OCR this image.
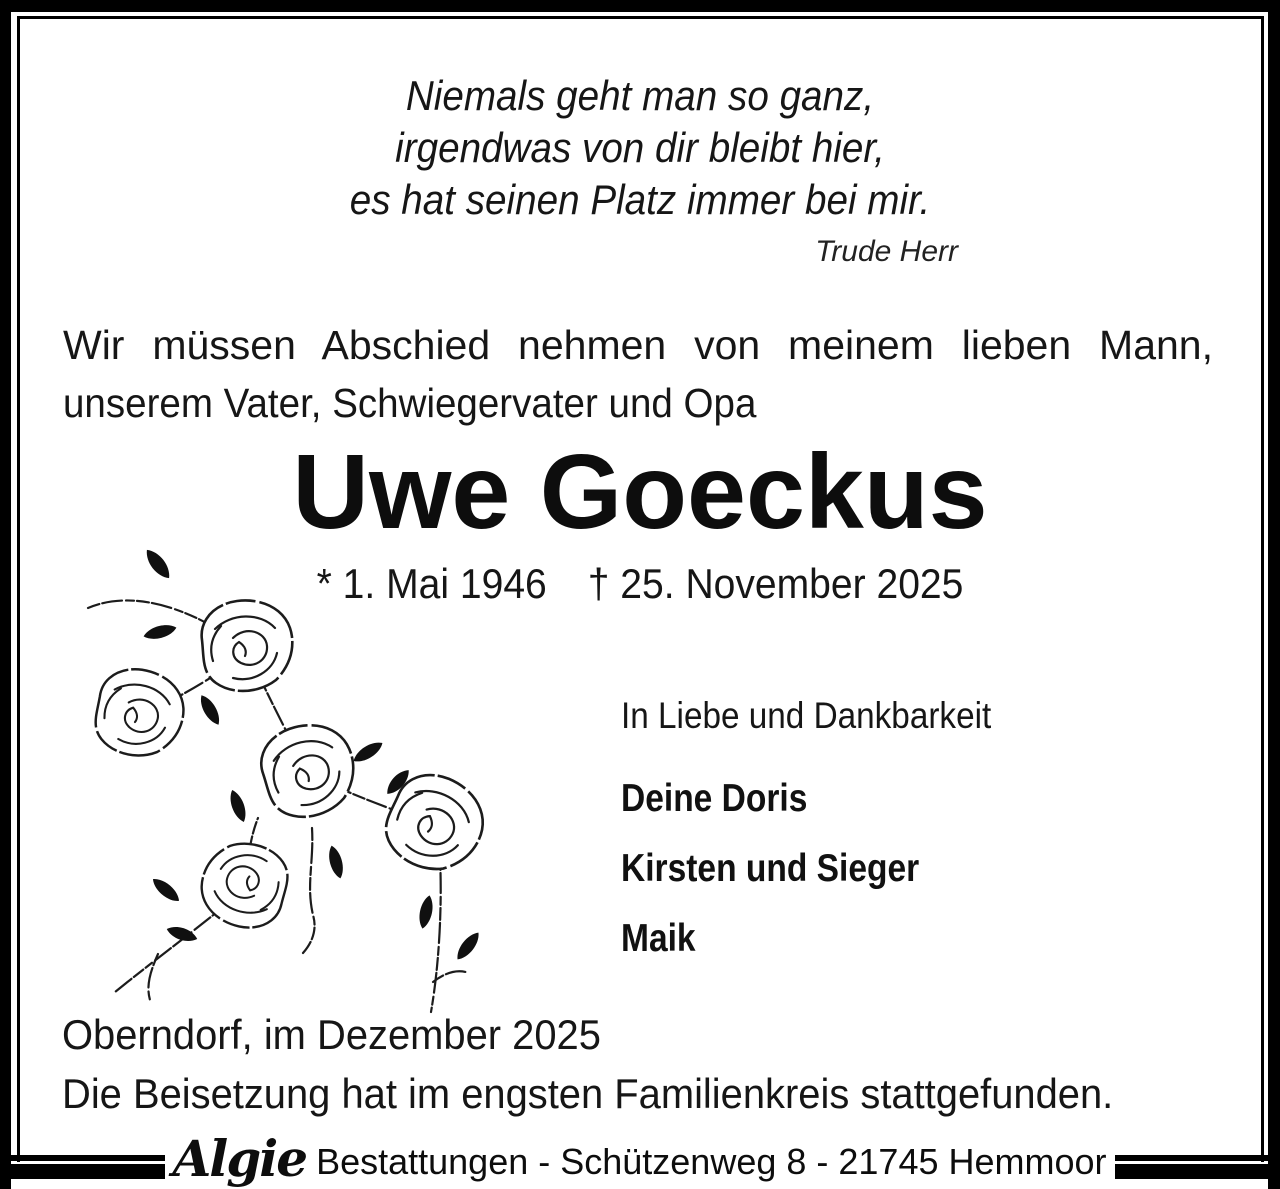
Niemals geht man so ganz,
irgendwas von dir bleibt hier,
es hat seinen Platz immer bei mir.
Trude Herr
Wir müssen Abschied nehmen von meinem lieben Mann,
unserem Vater, Schwiegervater und Opa
Uwe Goeckus
* 1. Mai 1946 † 25. November 2025
In Liebe und Dankbarkeit
Deine Doris
Kirsten und Sieger
Maik
Oberndorf, im Dezember 2025
Die Beisetzung hat im engsten Familienkreis stattgefunden.
Algie Bestattungen - Schützenweg 8 - 21745 Hemmoor
